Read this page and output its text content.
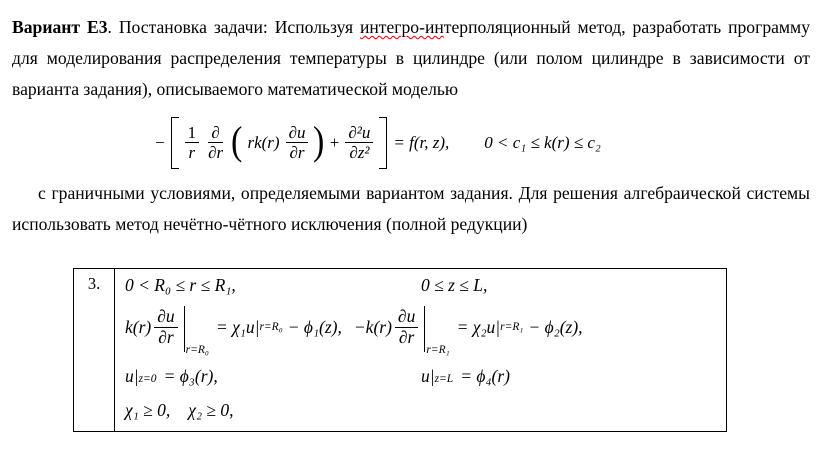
Вариант Е3. Постановка задачи: Используя интегро-интерполяционный метод, разработать программу для моделирования распределения температуры в цилиндре (или полом цилиндре в зависимости от варианта задания), описываемого математической моделью

− $\frac{1}{r} \frac{\partial}{\partial r}$ ( $rk(r) \frac{\partial u}{\partial r}$ ) + $\frac{\text{∂²u}}{\text{∂z²}} = f(r$, z), 0 < c₁ ≤ k(r) ≤ c₂

с граничными условиями, определяемыми вариантом задания. Для решения алгебраической системы использовать метод нечётно-чётного исключения (полной редукции)

3.	0 < R₀ ≤ r ≤ R₁,	0 ≤ z ≤ L,
$k(r) \frac{\partial u}{\partial r}$
r=R₀
= χ₁u| r=R₀ − ϕ₁(z), $-k(r) \frac{\partial u}{\partial r}$
r=R₁
= χ₂u| r=R₁ − ϕ₂(z),
u| z=0 = ϕ₃(r),	u| z=L = ϕ₄(r)
χ₁ ≥ 0, χ₂ ≥ 0,
